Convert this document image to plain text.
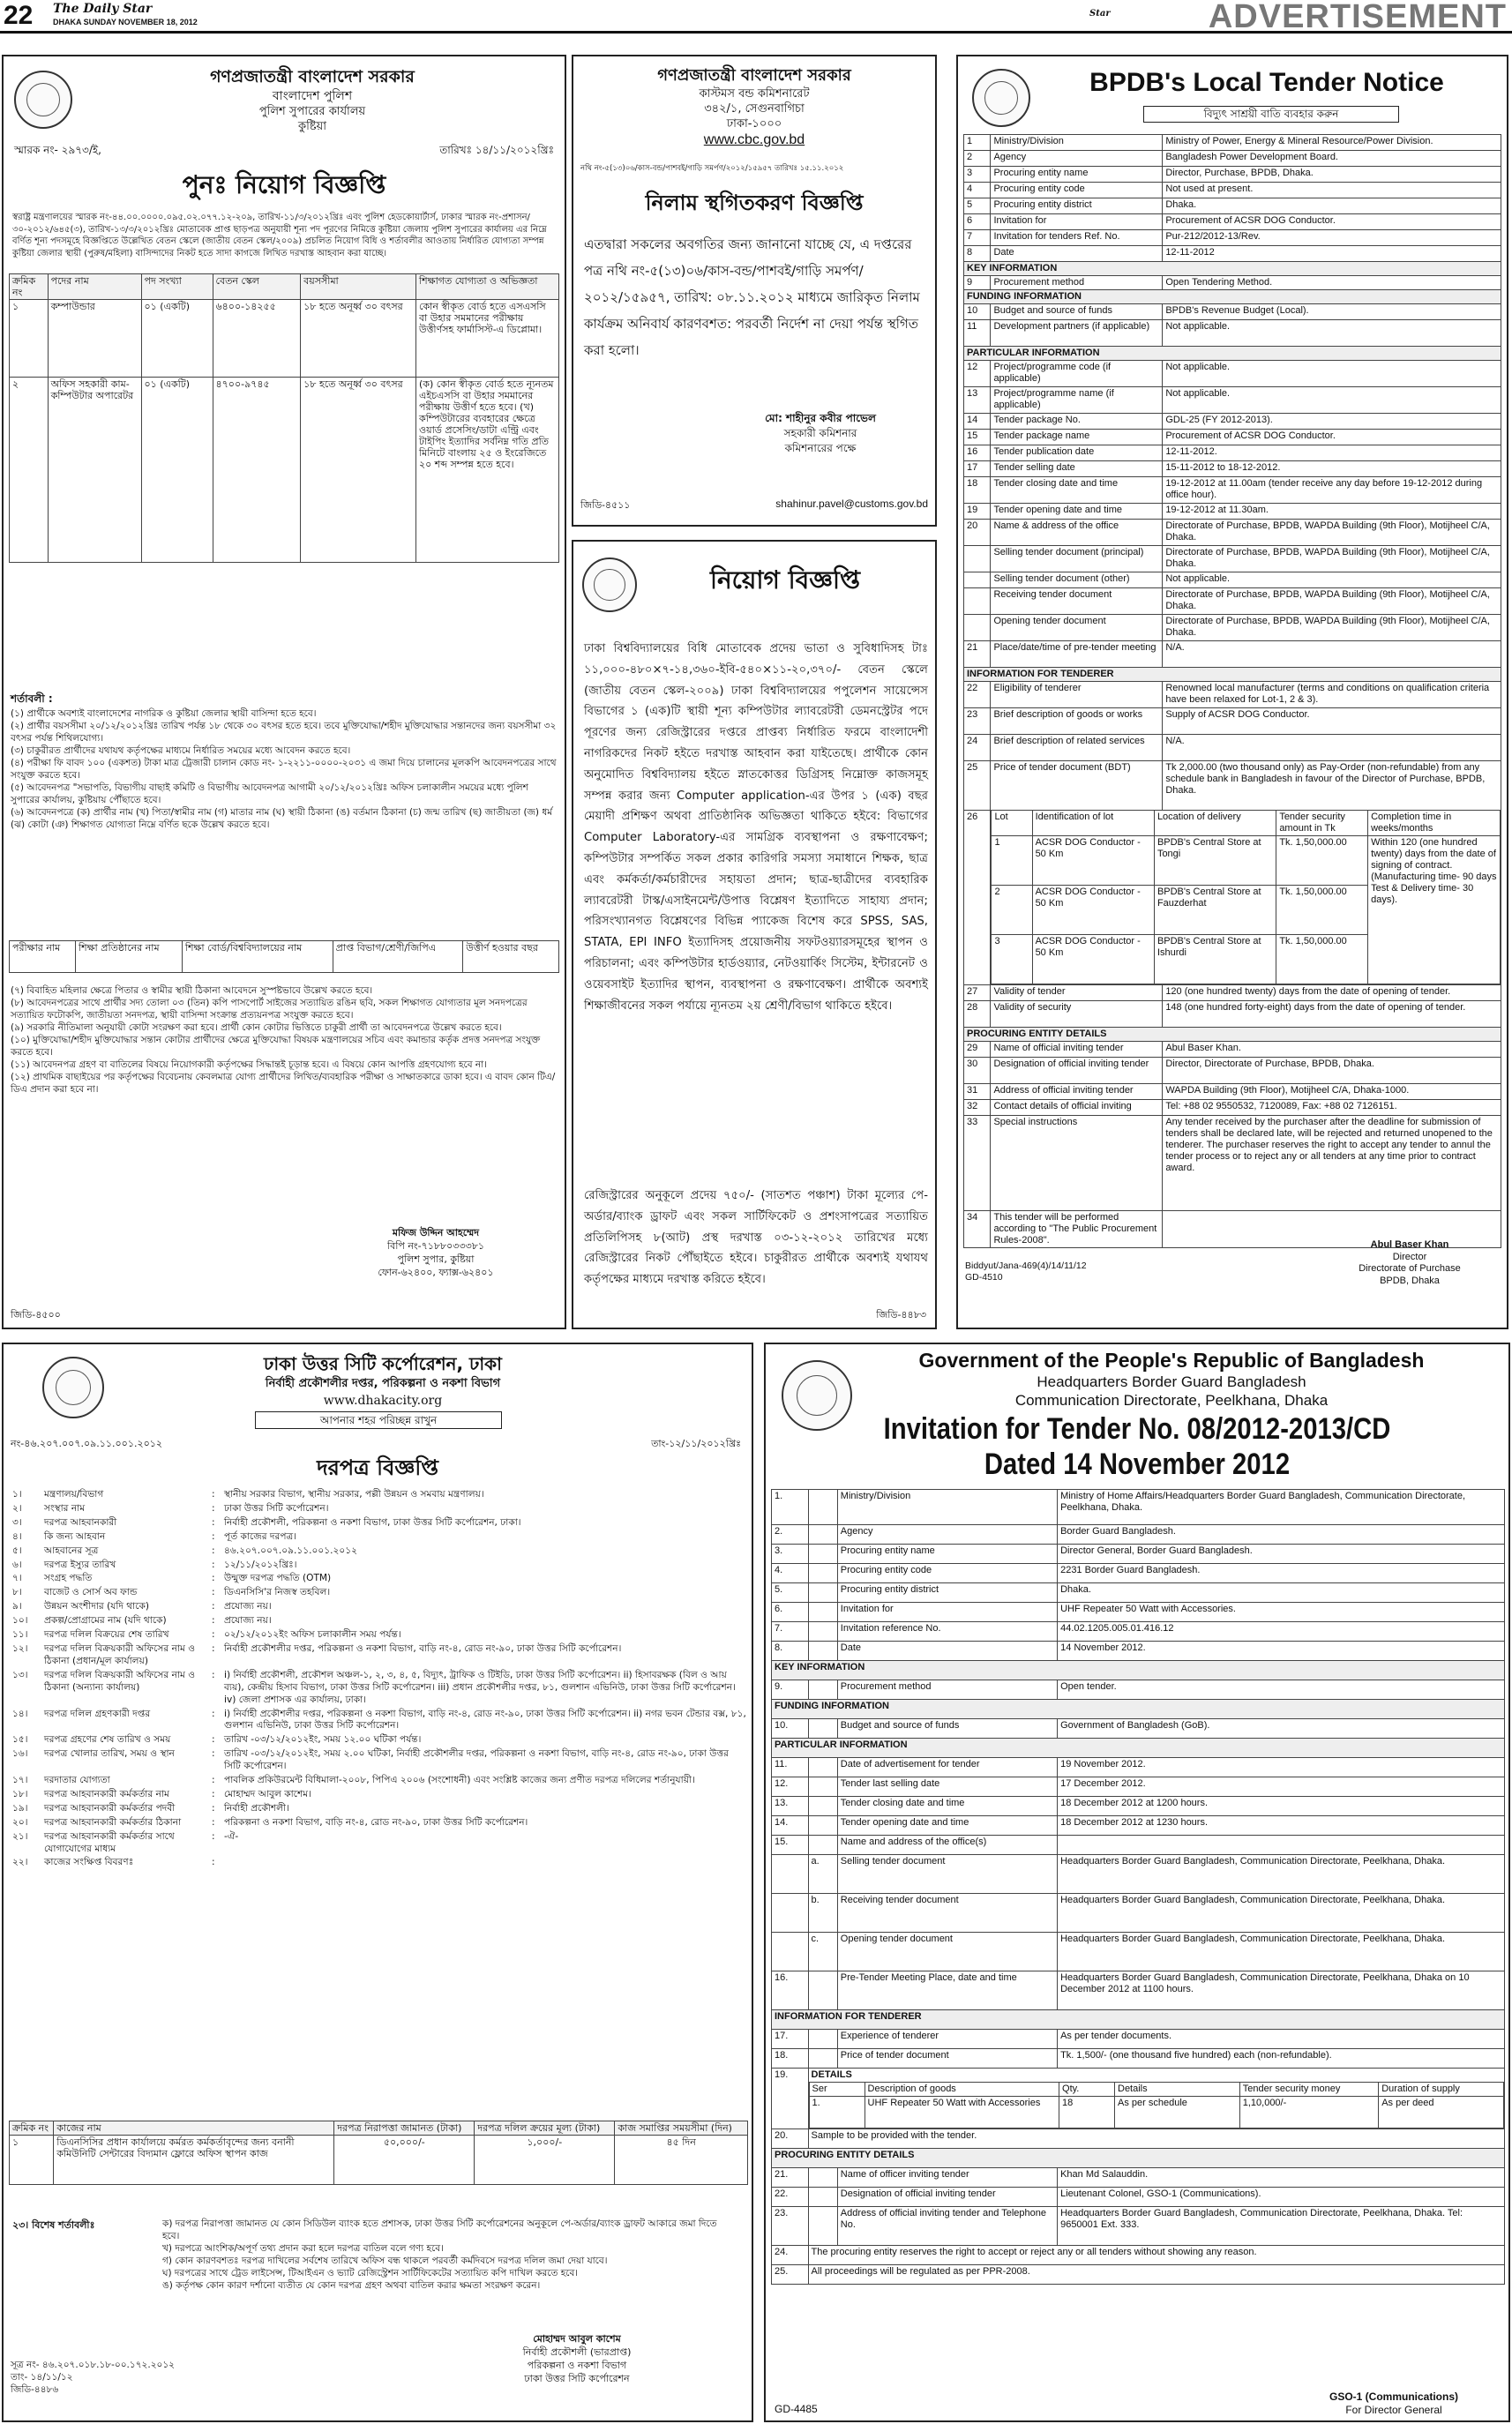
22 The Daily Star
DHAKA SUNDAY NOVEMBER 18, 2012
Star	ADVERTISEMENT
গণপ্রজাতন্ত্রী বাংলাদেশ সরকার
বাংলাদেশ পুলিশ
পুলিশ সুপারের কার্যালয়
কুষ্টিয়া
স্মারক নং- ২৯৭৩/ই,	তারিখঃ ১৪/১১/২০১২খ্রিঃ
পুনঃ নিয়োগ বিজ্ঞপ্তি
স্বরাষ্ট্র মন্ত্রণালয়ের স্মারক নং-৪৪.০০.০০০০.০৯৫.০২.০৭৭.১২-২০৯, তারিখ-১১/৩/২০১২খ্রিঃ এবং পুলিশ হেডকোয়ার্টার্স, ঢাকার স্মারক নং-প্রশাসন/৩০-২০১২/৬৪৫(৩), তারিখ-১৩/৩/২০১২খ্রিঃ মোতাবেক প্রাপ্ত ছাড়পত্র অনুযায়ী শূন্য পদ পূরণের নিমিত্তে কুষ্টিয়া জেলায় পুলিশ সুপারের কার্যালয় এর নিম্নে বর্ণিত শূন্য পদসমূহে বিজ্ঞপ্তিতে উল্লেখিত বেতন স্কেলে (জাতীয় বেতন স্কেল/২০০৯) প্রচলিত নিয়োগ বিধি ও শর্তাবলীর আওতায় নির্ধারিত যোগ্যতা সম্পন্ন কুষ্টিয়া জেলার স্থায়ী (পুরুষ/মহিলা) বাসিন্দাদের নিকট হতে সাদা কাগজে লিখিত দরখাস্ত আহবান করা যাচ্ছে।
ক্রমিক নং	পদের নাম	পদ সংখ্যা	বেতন স্কেল	বয়সসীমা	শিক্ষাগত যোগ্যতা ও অভিজ্ঞতা
১	কম্পাউন্ডার	০১ (একটি)	৬৪০০-১৪২৫৫	১৮ হতে অনূর্ধ্ব ৩০ বৎসর	কোন স্বীকৃত বোর্ড হতে এসএসসি বা উহার সমমানের পরীক্ষায় উত্তীর্ণসহ ফার্মাসিস্ট-এ ডিপ্লোমা।
২	অফিস সহকারী কাম-কম্পিউটার অপারেটর	০১ (একটি)	৪৭০০-৯৭৪৫	১৮ হতে অনূর্ধ্ব ৩০ বৎসর	(ক) কোন স্বীকৃত বোর্ড হতে ন্যূনতম এইচএসসি বা উহার সমমানের পরীক্ষায় উত্তীর্ণ হতে হবে। (খ) কম্পিউটারের ব্যবহারের ক্ষেত্রে ওয়ার্ড প্রসেসিং/ডাটা এন্ট্রি এবং টাইপিং ইত্যাদির সর্বনিম্ন গতি প্রতি মিনিটে বাংলায় ২৫ ও ইংরেজিতে ২০ শব্দ সম্পন্ন হতে হবে।
শর্তাবলী :
(১) প্রার্থীকে অবশ্যই বাংলাদেশের নাগরিক ও কুষ্টিয়া জেলার স্থায়ী বাসিন্দা হতে হবে।
(২) প্রার্থীর বয়সসীমা ২০/১২/২০১২খ্রিঃ তারিখ পর্যন্ত ১৮ থেকে ৩০ বৎসর হতে হবে। তবে মুক্তিযোদ্ধা/শহীদ মুক্তিযোদ্ধার সন্তানদের জন্য বয়সসীমা ৩২ বৎসর পর্যন্ত শিথিলযোগ্য।
(৩) চাকুরীরত প্রার্থীদের যথাযথ কর্তৃপক্ষের মাধ্যমে নির্ধারিত সময়ের মধ্যে আবেদন করতে হবে।
(৪) পরীক্ষা ফি বাবদ ১০০ (একশত) টাকা মাত্র ট্রেজারী চালান কোড নং- ১-২২১১-০০০০-২০৩১ এ জমা দিয়ে চালানের মূলকপি আবেদনপত্রের সাথে সংযুক্ত করতে হবে।
(৫) আবেদনপত্র "সভাপতি, বিভাগীয় বাছাই কমিটি ও বিভাগীয় আবেদনপত্র আগামী ২০/১২/২০১২খ্রিঃ অফিস চলাকালীন সময়ের মধ্যে পুলিশ সুপারের কার্যালয়, কুষ্টিয়ায় পৌঁছাতে হবে।
(৬) আবেদনপত্রে (ক) প্রার্থীর নাম (খ) পিতা/স্বামীর নাম (গ) মাতার নাম (ঘ) স্থায়ী ঠিকানা (ঙ) বর্তমান ঠিকানা (চ) জন্ম তারিখ (ছ) জাতীয়তা (জ) ধর্ম (ঝ) কোটা (ঞ) শিক্ষাগত যোগ্যতা নিম্নে বর্ণিত ছকে উল্লেখ করতে হবে।
পরীক্ষার নাম	শিক্ষা প্রতিষ্ঠানের নাম	শিক্ষা বোর্ড/বিশ্ববিদ্যালয়ের নাম	প্রাপ্ত বিভাগ/শ্রেণী/জিপিএ	উত্তীর্ণ হওয়ার বছর
(৭) বিবাহিত মহিলার ক্ষেত্রে পিতার ও স্বামীর স্থায়ী ঠিকানা আবেদনে সুস্পষ্টভাবে উল্লেখ করতে হবে।
(৮) আবেদনপত্রের সাথে প্রার্থীর সদ্য তোলা ০৩ (তিন) কপি পাসপোর্ট সাইজের সত্যায়িত রঙিন ছবি, সকল শিক্ষাগত যোগ্যতার মূল সনদপত্রের সত্যায়িত ফটোকপি, জাতীয়তা সনদপত্র, স্থায়ী বাসিন্দা সংক্রান্ত প্রত্যয়নপত্র সংযুক্ত করতে হবে।
(৯) সরকারি নীতিমালা অনুযায়ী কোটা সংরক্ষণ করা হবে। প্রার্থী কোন কোটার ভিত্তিতে চাকুরী প্রার্থী তা আবেদনপত্রে উল্লেখ করতে হবে।
(১০) মুক্তিযোদ্ধা/শহীদ মুক্তিযোদ্ধার সন্তান কোটার প্রার্থীদের ক্ষেত্রে মুক্তিযোদ্ধা বিষয়ক মন্ত্রণালয়ের সচিব এবং কমান্ডার কর্তৃক প্রদত্ত সনদপত্র সংযুক্ত করতে হবে।
(১১) আবেদনপত্র গ্রহণ বা বাতিলের বিষয়ে নিয়োগকারী কর্তৃপক্ষের সিদ্ধান্তই চূড়ান্ত হবে। এ বিষয়ে কোন আপত্তি গ্রহণযোগ্য হবে না।
(১২) প্রাথমিক বাছাইয়ের পর কর্তৃপক্ষের বিবেচনায় কেবলমাত্র যোগ্য প্রার্থীদের লিখিত/ব্যবহারিক পরীক্ষা ও সাক্ষাতকারে ডাকা হবে। এ বাবদ কোন টিএ/ডিএ প্রদান করা হবে না।
মফিজ উদ্দিন আহম্মেদ
বিপি নং-৭১৮৮০৩৩৩৮১
পুলিশ সুপার, কুষ্টিয়া
ফোন-৬২৪০০, ফ্যাক্স-৬২৪০১
জিডি-৪৫০০
গণপ্রজাতন্ত্রী বাংলাদেশ সরকার
কাস্টমস বন্ড কমিশনারেট
৩৪২/১, সেগুনবাগিচা
ঢাকা-১০০০
www.cbc.gov.bd
নথি নং-৫(১৩)০৬/কাস-বন্ড/পাশবই/গাড়ি সমর্পণ/২০১২/১৫৯৫৭ তারিখঃ ১৫.১১.২০১২
নিলাম স্থগিতকরণ বিজ্ঞপ্তি
এতদ্বারা সকলের অবগতির জন্য জানানো যাচ্ছে যে, এ দপ্তরের পত্র নথি নং-৫(১৩)০৬/কাস-বন্ড/পাশবই/গাড়ি সমর্পণ/২০১২/১৫৯৫৭, তারিখ: ০৮.১১.২০১২ মাধ্যমে জারিকৃত নিলাম কার্যক্রম অনিবার্য কারণবশত: পরবর্তী নির্দেশ না দেয়া পর্যন্ত স্থগিত করা হলো।
মো: শাহীনুর কবীর পাভেল
সহকারী কমিশনার
কমিশনারের পক্ষে
জিডি-৪৫১১	shahinur.pavel@customs.gov.bd
নিয়োগ বিজ্ঞপ্তি
ঢাকা বিশ্ববিদ্যালয়ের বিধি মোতাবেক প্রদেয় ভাতা ও সুবিধাদিসহ টাঃ ১১,০০০-৪৮০×৭-১৪,৩৬০-ইবি-৫৪০×১১-২০,৩৭০/- বেতন স্কেলে (জাতীয় বেতন স্কেল-২০০৯) ঢাকা বিশ্ববিদ্যালয়ের পপুলেশন সায়েন্সেস বিভাগের ১ (এক)টি স্থায়ী শূন্য কম্পিউটার ল্যাবরেটরী ডেমনস্ট্রেটর পদে পূরণের জন্য রেজিস্ট্রারের দপ্তরে প্রাপ্তব্য নির্ধারিত ফরমে বাংলাদেশী নাগরিকদের নিকট হইতে দরখাস্ত আহবান করা যাইতেছে। প্রার্থীকে কোন অনুমোদিত বিশ্ববিদ্যালয় হইতে স্নাতকোত্তর ডিগ্রিসহ নিম্নোক্ত কাজসমূহ সম্পন্ন করার জন্য Computer application-এর উপর ১ (এক) বছর মেয়াদী প্রশিক্ষণ অথবা প্রাতিষ্ঠানিক অভিজ্ঞতা থাকিতে হইবে: বিভাগের Computer Laboratory-এর সামগ্রিক ব্যবস্থাপনা ও রক্ষণাবেক্ষণ; কম্পিউটার সম্পর্কিত সকল প্রকার কারিগরি সমস্যা সমাধানে শিক্ষক, ছাত্র এবং কর্মকর্তা/কর্মচারীদের সহায়তা প্রদান; ছাত্র-ছাত্রীদের ব্যবহারিক ল্যাবরেটরী টাস্ক/এসাইনমেন্ট/উপাত্ত বিশ্লেষণ ইত্যাদিতে সাহায্য প্রদান; পরিসংখ্যানগত বিশ্লেষণের বিভিন্ন প্যাকেজ বিশেষ করে SPSS, SAS, STATA, EPI INFO ইত্যাদিসহ প্রয়োজনীয় সফটওয়্যারসমূহের স্থাপন ও পরিচালনা; এবং কম্পিউটার হার্ডওয়্যার, নেটওয়ার্কিং সিস্টেম, ইন্টারনেট ও ওয়েবসাইট ইত্যাদির স্থাপন, ব্যবস্থাপনা ও রক্ষণাবেক্ষণ। প্রার্থীকে অবশ্যই শিক্ষাজীবনের সকল পর্যায়ে ন্যূনতম ২য় শ্রেণী/বিভাগ থাকিতে হইবে।
রেজিস্ট্রারের অনুকূলে প্রদেয় ৭৫০/- (সাতশত পঞ্চাশ) টাকা মূল্যের পে-অর্ডার/ব্যাংক ড্রাফট এবং সকল সার্টিফিকেট ও প্রশংসাপত্রের সত্যায়িত প্রতিলিপিসহ ৮(আট) প্রস্থ দরখাস্ত ০৩-১২-২০১২ তারিখের মধ্যে রেজিস্ট্রারের নিকট পৌঁছাইতে হইবে। চাকুরীরত প্রার্থীকে অবশ্যই যথাযথ কর্তৃপক্ষের মাধ্যমে দরখাস্ত করিতে হইবে।
জিডি-৪৪৮৩
BPDB's Local Tender Notice
বিদ্যুৎ সাশ্রয়ী বাতি ব্যবহার করুন
1	Ministry/Division	Ministry of Power, Energy & Mineral Resource/Power Division.
2	Agency	Bangladesh Power Development Board.
3	Procuring entity name	Director, Purchase, BPDB, Dhaka.
4	Procuring entity code	Not used at present.
5	Procuring entity district	Dhaka.
6	Invitation for	Procurement of ACSR DOG Conductor.
7	Invitation for tenders Ref. No.	Pur-212/2012-13/Rev.
8	Date	12-11-2012
KEY INFORMATION
9	Procurement method	Open Tendering Method.
FUNDING INFORMATION
10	Budget and source of funds	BPDB's Revenue Budget (Local).
11	Development partners (if applicable)	Not applicable.
PARTICULAR INFORMATION
12	Project/programme code (if applicable)	Not applicable.
13	Project/programme name (if applicable)	Not applicable.
14	Tender package No.	GDL-25 (FY 2012-2013).
15	Tender package name	Procurement of ACSR DOG Conductor.
16	Tender publication date	12-11-2012.
17	Tender selling date	15-11-2012 to 18-12-2012.
18	Tender closing date and time	19-12-2012 at 11.00am (tender receive any day before 19-12-2012 during office hour).
19	Tender opening date and time	19-12-2012 at 11.30am.
20	Name & address of the office	Directorate of Purchase, BPDB, WAPDA Building (9th Floor), Motijheel C/A, Dhaka.
	Selling tender document (principal)	Directorate of Purchase, BPDB, WAPDA Building (9th Floor), Motijheel C/A, Dhaka.
	Selling tender document (other)	Not applicable.
	Receiving tender document	Directorate of Purchase, BPDB, WAPDA Building (9th Floor), Motijheel C/A, Dhaka.
	Opening tender document	Directorate of Purchase, BPDB, WAPDA Building (9th Floor), Motijheel C/A, Dhaka.
21	Place/date/time of pre-tender meeting	N/A.
INFORMATION FOR TENDERER
22	Eligibility of tenderer	Renowned local manufacturer (terms and conditions on qualification criteria have been relaxed for Lot-1, 2 & 3).
23	Brief description of goods or works	Supply of ACSR DOG Conductor.
24	Brief description of related services	N/A.
25	Price of tender document (BDT)	Tk 2,000.00 (two thousand only) as Pay-Order (non-refundable) from any schedule bank in Bangladesh in favour of the Director of Purchase, BPDB, Dhaka.
26	Lot	Identification of lot	Location of delivery	Tender security amount in Tk	Completion time in weeks/months
1	ACSR DOG Conductor - 50 Km	BPDB's Central Store at Tongi	Tk. 1,50,000.00	Within 120 (one hundred twenty) days from the date of signing of contract. (Manufacturing time- 90 days Test & Delivery time- 30 days).
2	ACSR DOG Conductor - 50 Km	BPDB's Central Store at Fauzderhat	Tk. 1,50,000.00
3	ACSR DOG Conductor - 50 Km	BPDB's Central Store at Ishurdi	Tk. 1,50,000.00

27	Validity of tender	120 (one hundred twenty) days from the date of opening of tender.
28	Validity of security	148 (one hundred forty-eight) days from the date of opening of tender.
PROCURING ENTITY DETAILS
29	Name of official inviting tender	Abul Baser Khan.
30	Designation of official inviting tender	Director, Directorate of Purchase, BPDB, Dhaka.
31	Address of official inviting tender	WAPDA Building (9th Floor), Motijheel C/A, Dhaka-1000.
32	Contact details of official inviting	Tel: +88 02 9550532, 7120089, Fax: +88 02 7126151.
33	Special instructions	Any tender received by the purchaser after the deadline for submission of tenders shall be declared late, will be rejected and returned unopened to the tenderer. The purchaser reserves the right to accept any tender to annul the tender process or to reject any or all tenders at any time prior to contract award.
34	This tender will be performed according to "The Public Procurement Rules-2008".	
Biddyut/Jana-469(4)/14/11/12
GD-4510
Abul Baser Khan
Director
Directorate of Purchase
BPDB, Dhaka
ঢাকা উত্তর সিটি কর্পোরেশন, ঢাকা
নির্বাহী প্রকৌশলীর দপ্তর, পরিকল্পনা ও নকশা বিভাগ
www.dhakacity.org
আপনার শহর পরিচ্ছন্ন রাখুন
নং-৪৬.২০৭.০০৭.০৯.১১.০০১.২০১২	তাং-১২/১১/২০১২খ্রিঃ
দরপত্র বিজ্ঞপ্তি
১।	মন্ত্রণালয়/বিভাগ	: স্থানীয় সরকার বিভাগ, স্থানীয় সরকার, পল্লী উন্নয়ন ও সমবায় মন্ত্রণালয়।
২।	সংস্থার নাম	: ঢাকা উত্তর সিটি কর্পোরেশন।
৩।	দরপত্র আহবানকারী	: নির্বাহী প্রকৌশলী, পরিকল্পনা ও নকশা বিভাগ, ঢাকা উত্তর সিটি কর্পোরেশন, ঢাকা।
৪।	কি জন্য আহবান	: পূর্ত কাজের দরপত্র।
৫।	আহবানের সূত্র	: ৪৬.২০৭.০০৭.০৯.১১.০০১.২০১২
৬।	দরপত্র ইস্যুর তারিখ	: ১২/১১/২০১২খ্রিঃ।
৭।	সংগ্রহ পদ্ধতি	: উন্মুক্ত দরপত্র পদ্ধতি (OTM)
৮।	বাজেট ও সোর্স অব ফান্ড	: ডিএনসিসি'র নিজস্ব তহবিল।
৯।	উন্নয়ন অংশীদার (যদি থাকে)	: প্রযোজ্য নয়।
১০।	প্রকল্প/প্রোগ্রামের নাম (যদি থাকে)	: প্রযোজ্য নয়।
১১।	দরপত্র দলিল বিক্রয়ের শেষ তারিখ	: ০২/১২/২০১২ইং অফিস চলাকালীন সময় পর্যন্ত।
১২।	দরপত্র দলিল বিক্রয়কারী অফিসের নাম ও ঠিকানা (প্রধান/মূল কার্যালয়)
: নির্বাহী প্রকৌশলীর দপ্তর, পরিকল্পনা ও নকশা বিভাগ, বাড়ি নং-৪, রোড নং-৯০, ঢাকা উত্তর সিটি কর্পোরেশন।
১৩।	দরপত্র দলিল বিক্রয়কারী অফিসের নাম ও ঠিকানা (অন্যান্য কার্যালয়)
: i) নির্বাহী প্রকৌশলী, প্রকৌশল অঞ্চল-১, ২, ৩, ৪, ৫, বিদ্যুৎ, ট্রাফিক ও টিইডি, ঢাকা উত্তর সিটি কর্পোরেশন। ii) হিসাবরক্ষক (বিল ও আয় ব্যয়), কেন্দ্রীয় হিসাব বিভাগ, ঢাকা উত্তর সিটি কর্পোরেশন। iii) প্রধান প্রকৌশলীর দপ্তর, ৮১, গুলশান এভিনিউ, ঢাকা উত্তর সিটি কর্পোরেশন। iv) জেলা প্রশাসক এর কার্যালয়, ঢাকা।
১৪।	দরপত্র দলিল গ্রহণকারী দপ্তর	: i) নির্বাহী প্রকৌশলীর দপ্তর, পরিকল্পনা ও নকশা বিভাগ, বাড়ি নং-৪, রোড নং-৯০, ঢাকা উত্তর সিটি কর্পোরেশন। ii) নগর ভবন টেন্ডার বক্স, ৮১, গুলশান এভিনিউ, ঢাকা উত্তর সিটি কর্পোরেশন।
১৫।	দরপত্র গ্রহণের শেষ তারিখ ও সময়	: তারিখ -০৩/১২/২০১২ইং, সময় ১২.০০ ঘটিকা পর্যন্ত।
১৬।	দরপত্র খোলার তারিখ, সময় ও স্থান	: তারিখ -০৩/১২/২০১২ইং, সময় ২.০০ ঘটিকা, নির্বাহী প্রকৌশলীর দপ্তর, পরিকল্পনা ও নকশা বিভাগ, বাড়ি নং-৪, রোড নং-৯০, ঢাকা উত্তর সিটি কর্পোরেশন।
১৭।	দরদাতার যোগ্যতা	: পাবলিক প্রকিউরমেন্ট বিধিমালা-২০০৮, পিপিএ ২০০৬ (সংশোধনী) এবং সংশ্লিষ্ট কাজের জন্য প্রণীত দরপত্র দলিলের শর্তানুযায়ী।
১৮।	দরপত্র আহবানকারী কর্মকর্তার নাম	: মোহাম্মদ আবুল কাশেম।
১৯।	দরপত্র আহবানকারী কর্মকর্তার পদবী	: নির্বাহী প্রকৌশলী।
২০।	দরপত্র আহবানকারী কর্মকর্তার ঠিকানা	: পরিকল্পনা ও নকশা বিভাগ, বাড়ি নং-৪, রোড নং-৯০, ঢাকা উত্তর সিটি কর্পোরেশন।
২১।	দরপত্র আহবানকারী কর্মকর্তার সাথে যোগাযোগের মাধ্যম
: -ঐ-
২২।	কাজের সংক্ষিপ্ত বিবরণঃ	:
ক্রমিক নং	কাজের নাম	দরপত্র নিরাপত্তা জামানত (টাকা)	দরপত্র দলিল ক্রয়ের মূল্য (টাকা)	কাজ সমাপ্তির সময়সীমা (দিন)
১	ডিএনসিসির প্রধান কার্যালয়ে কর্মরত কর্মকর্তাবৃন্দের জন্য বনানী কমিউনিটি সেন্টারের বিদ্যমান ফ্লোরে অফিস স্থাপন কাজ	৫০,০০০/-	১,০০০/-	৪৫ দিন
২৩। বিশেষ শর্তাবলীঃ	ক) দরপত্র নিরাপত্তা জামানত যে কোন সিডিউল ব্যাংক হতে প্রশাসক, ঢাকা উত্তর সিটি কর্পোরেশনের অনুকূলে পে-অর্ডার/ব্যাংক ড্রাফট আকারে জমা দিতে হবে।
খ) দরপত্রে আংশিক/অপূর্ণ তথ্য প্রদান করা হলে দরপত্র বাতিল বলে গণ্য হবে।
গ) কোন কারণবশতঃ দরপত্র দাখিলের সর্বশেষ তারিখে অফিস বন্ধ থাকলে পরবর্তী কর্মদিবসে দরপত্র দলিল জমা দেয়া যাবে।
ঘ) দরপত্রের সাথে ট্রেড লাইসেন্স, টিআইএন ও ভ্যাট রেজিস্ট্রেশন সার্টিফিকেটের সত্যায়িত কপি দাখিল করতে হবে।
ঙ) কর্তৃপক্ষ কোন কারণ দর্শানো ব্যতীত যে কোন দরপত্র গ্রহণ অথবা বাতিল করার ক্ষমতা সংরক্ষণ করেন।
মোহাম্মদ আবুল কাশেম
নির্বাহী প্রকৌশলী (ভারপ্রাপ্ত)
পরিকল্পনা ও নকশা বিভাগ
ঢাকা উত্তর সিটি কর্পোরেশন
সূত্র নং- ৪৬.২০৭.০১৮.১৮-০০.১৭২.২০১২
তাং- ১৪/১১/১২
জিডি-৪৪৮৬
Government of the People's Republic of Bangladesh
Headquarters Border Guard Bangladesh
Communication Directorate, Peelkhana, Dhaka
Invitation for Tender No. 08/2012-2013/CD
Dated 14 November 2012
1.		Ministry/Division	Ministry of Home Affairs/Headquarters Border Guard Bangladesh, Communication Directorate, Peelkhana, Dhaka.
2.		Agency	Border Guard Bangladesh.
3.		Procuring entity name	Director General, Border Guard Bangladesh.
4.		Procuring entity code	2231 Border Guard Bangladesh.
5.		Procuring entity district	Dhaka.
6.		Invitation for	UHF Repeater 50 Watt with Accessories.
7.		Invitation reference No.	44.02.1205.005.01.416.12
8.		Date	14 November 2012.
KEY INFORMATION
9.		Procurement method	Open tender.
FUNDING INFORMATION
10.		Budget and source of funds	Government of Bangladesh (GoB).
PARTICULAR INFORMATION
11.		Date of advertisement for tender	19 November 2012.
12.		Tender last selling date	17 December 2012.
13.		Tender closing date and time	18 December 2012 at 1200 hours.
14.		Tender opening date and time	18 December 2012 at 1230 hours.
15.		Name and address of the office(s)	
	a.	Selling tender document	Headquarters Border Guard Bangladesh, Communication Directorate, Peelkhana, Dhaka.
	b.	Receiving tender document	Headquarters Border Guard Bangladesh, Communication Directorate, Peelkhana, Dhaka.
	c.	Opening tender document	Headquarters Border Guard Bangladesh, Communication Directorate, Peelkhana, Dhaka.
16.		Pre-Tender Meeting Place, date and time	Headquarters Border Guard Bangladesh, Communication Directorate, Peelkhana, Dhaka on 10 December 2012 at 1100 hours.
INFORMATION FOR TENDERER
17.		Experience of tenderer	As per tender documents.
18.		Price of tender document	Tk. 1,500/- (one thousand five hundred) each (non-refundable).
19.	DETAILS
Ser	Description of goods	Qty.	Details	Tender security money	Duration of supply
1.	UHF Repeater 50 Watt with Accessories	18	As per schedule	1,10,000/-	As per deed

20.	Sample to be provided with the tender.
PROCURING ENTITY DETAILS
21.		Name of officer inviting tender	Khan Md Salauddin.
22.		Designation of official inviting tender	Lieutenant Colonel, GSO-1 (Communications).
23.		Address of official inviting tender and Telephone No.	Headquarters Border Guard Bangladesh, Communication Directorate, Peelkhana, Dhaka. Tel: 9650001 Ext. 333.
24.	The procuring entity reserves the right to accept or reject any or all tenders without showing any reason.
25.	All proceedings will be regulated as per PPR-2008.
GD-4485
GSO-1 (Communications)
For Director General
